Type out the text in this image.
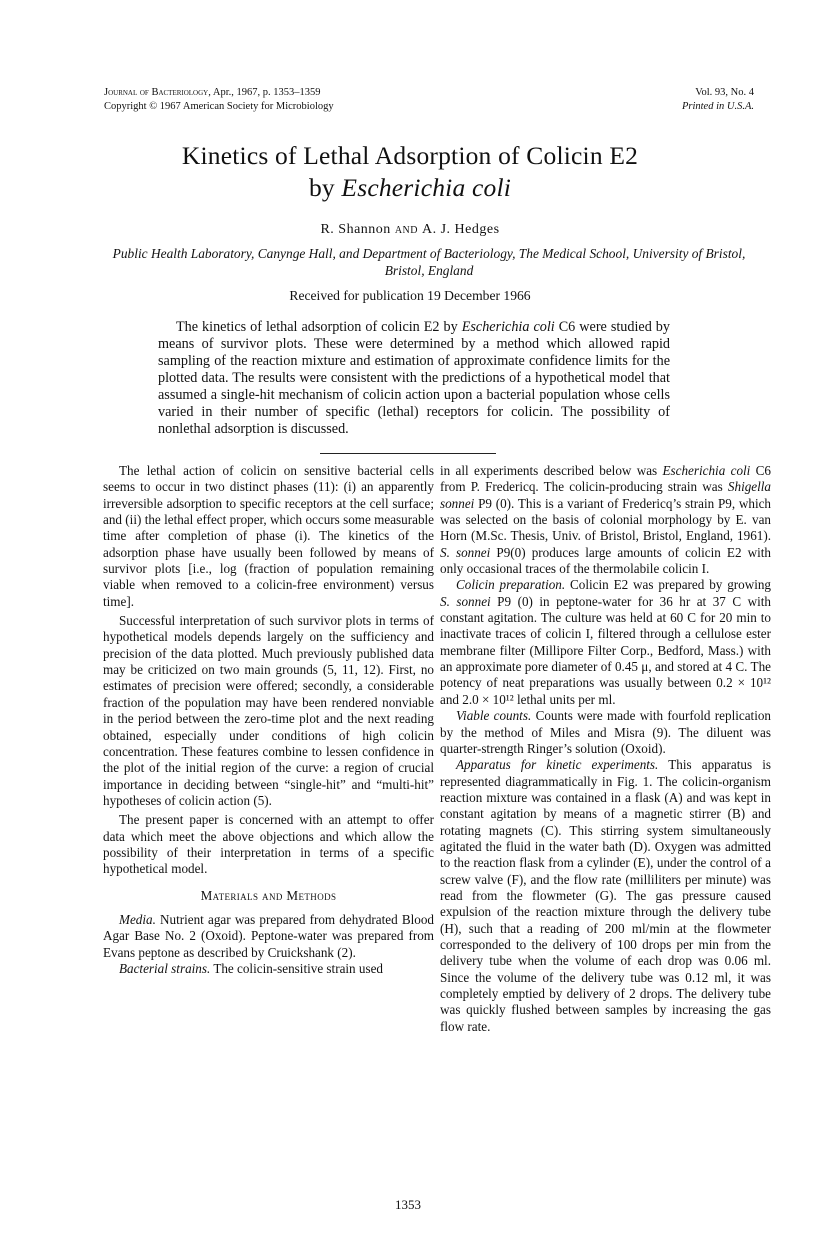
Journal of Bacteriology, Apr., 1967, p. 1353–1359
Copyright © 1967 American Society for Microbiology
Vol. 93, No. 4
Printed in U.S.A.
Kinetics of Lethal Adsorption of Colicin E2
by Escherichia coli
R. Shannon and A. J. Hedges
Public Health Laboratory, Canynge Hall, and Department of Bacteriology, The Medical School, University of Bristol, Bristol, England
Received for publication 19 December 1966

The kinetics of lethal adsorption of colicin E2 by Escherichia coli C6 were studied by means of survivor plots. These were determined by a method which allowed rapid sampling of the reaction mixture and estimation of approximate confidence limits for the plotted data. The results were consistent with the predictions of a hypothetical model that assumed a single-hit mechanism of colicin action upon a bacterial population whose cells varied in their number of specific (lethal) receptors for colicin. The possibility of nonlethal adsorption is discussed.

The lethal action of colicin on sensitive bacterial cells seems to occur in two distinct phases (11): (i) an apparently irreversible adsorption to specific receptors at the cell surface; and (ii) the lethal effect proper, which occurs some measurable time after completion of phase (i). The kinetics of the adsorption phase have usually been followed by means of survivor plots [i.e., log (fraction of population remaining viable when removed to a colicin-free environment) versus time].

Successful interpretation of such survivor plots in terms of hypothetical models depends largely on the sufficiency and precision of the data plotted. Much previously published data may be criticized on two main grounds (5, 11, 12). First, no estimates of precision were offered; secondly, a considerable fraction of the population may have been rendered nonviable in the period between the zero-time plot and the next reading obtained, especially under conditions of high colicin concentration. These features combine to lessen confidence in the plot of the initial region of the curve: a region of crucial importance in deciding between “single-hit” and “multi-hit” hypotheses of colicin action (5).

The present paper is concerned with an attempt to offer data which meet the above objections and which allow the possibility of their interpretation in terms of a specific hypothetical model.

Materials and Methods

Media. Nutrient agar was prepared from dehydrated Blood Agar Base No. 2 (Oxoid). Peptone-water was prepared from Evans peptone as described by Cruickshank (2).

Bacterial strains. The colicin-sensitive strain used

in all experiments described below was Escherichia coli C6 from P. Fredericq. The colicin-producing strain was Shigella sonnei P9 (0). This is a variant of Fredericq’s strain P9, which was selected on the basis of colonial morphology by E. van Horn (M.Sc. Thesis, Univ. of Bristol, Bristol, England, 1961). S. sonnei P9(0) produces large amounts of colicin E2 with only occasional traces of the thermolabile colicin I.

Colicin preparation. Colicin E2 was prepared by growing S. sonnei P9 (0) in peptone-water for 36 hr at 37 C with constant agitation. The culture was held at 60 C for 20 min to inactivate traces of colicin I, filtered through a cellulose ester membrane filter (Millipore Filter Corp., Bedford, Mass.) with an approximate pore diameter of 0.45 μ, and stored at 4 C. The potency of neat preparations was usually between 0.2 × 10¹² and 2.0 × 10¹² lethal units per ml.

Viable counts. Counts were made with fourfold replication by the method of Miles and Misra (9). The diluent was quarter-strength Ringer’s solution (Oxoid).

Apparatus for kinetic experiments. This apparatus is represented diagrammatically in Fig. 1. The colicin-organism reaction mixture was contained in a flask (A) and was kept in constant agitation by means of a magnetic stirrer (B) and rotating magnets (C). This stirring system simultaneously agitated the fluid in the water bath (D). Oxygen was admitted to the reaction flask from a cylinder (E), under the control of a screw valve (F), and the flow rate (milliliters per minute) was read from the flowmeter (G). The gas pressure caused expulsion of the reaction mixture through the delivery tube (H), such that a reading of 200 ml/min at the flowmeter corresponded to the delivery of 100 drops per min from the delivery tube when the volume of each drop was 0.06 ml. Since the volume of the delivery tube was 0.12 ml, it was completely emptied by delivery of 2 drops. The delivery tube was quickly flushed between samples by increasing the gas flow rate.

1353
